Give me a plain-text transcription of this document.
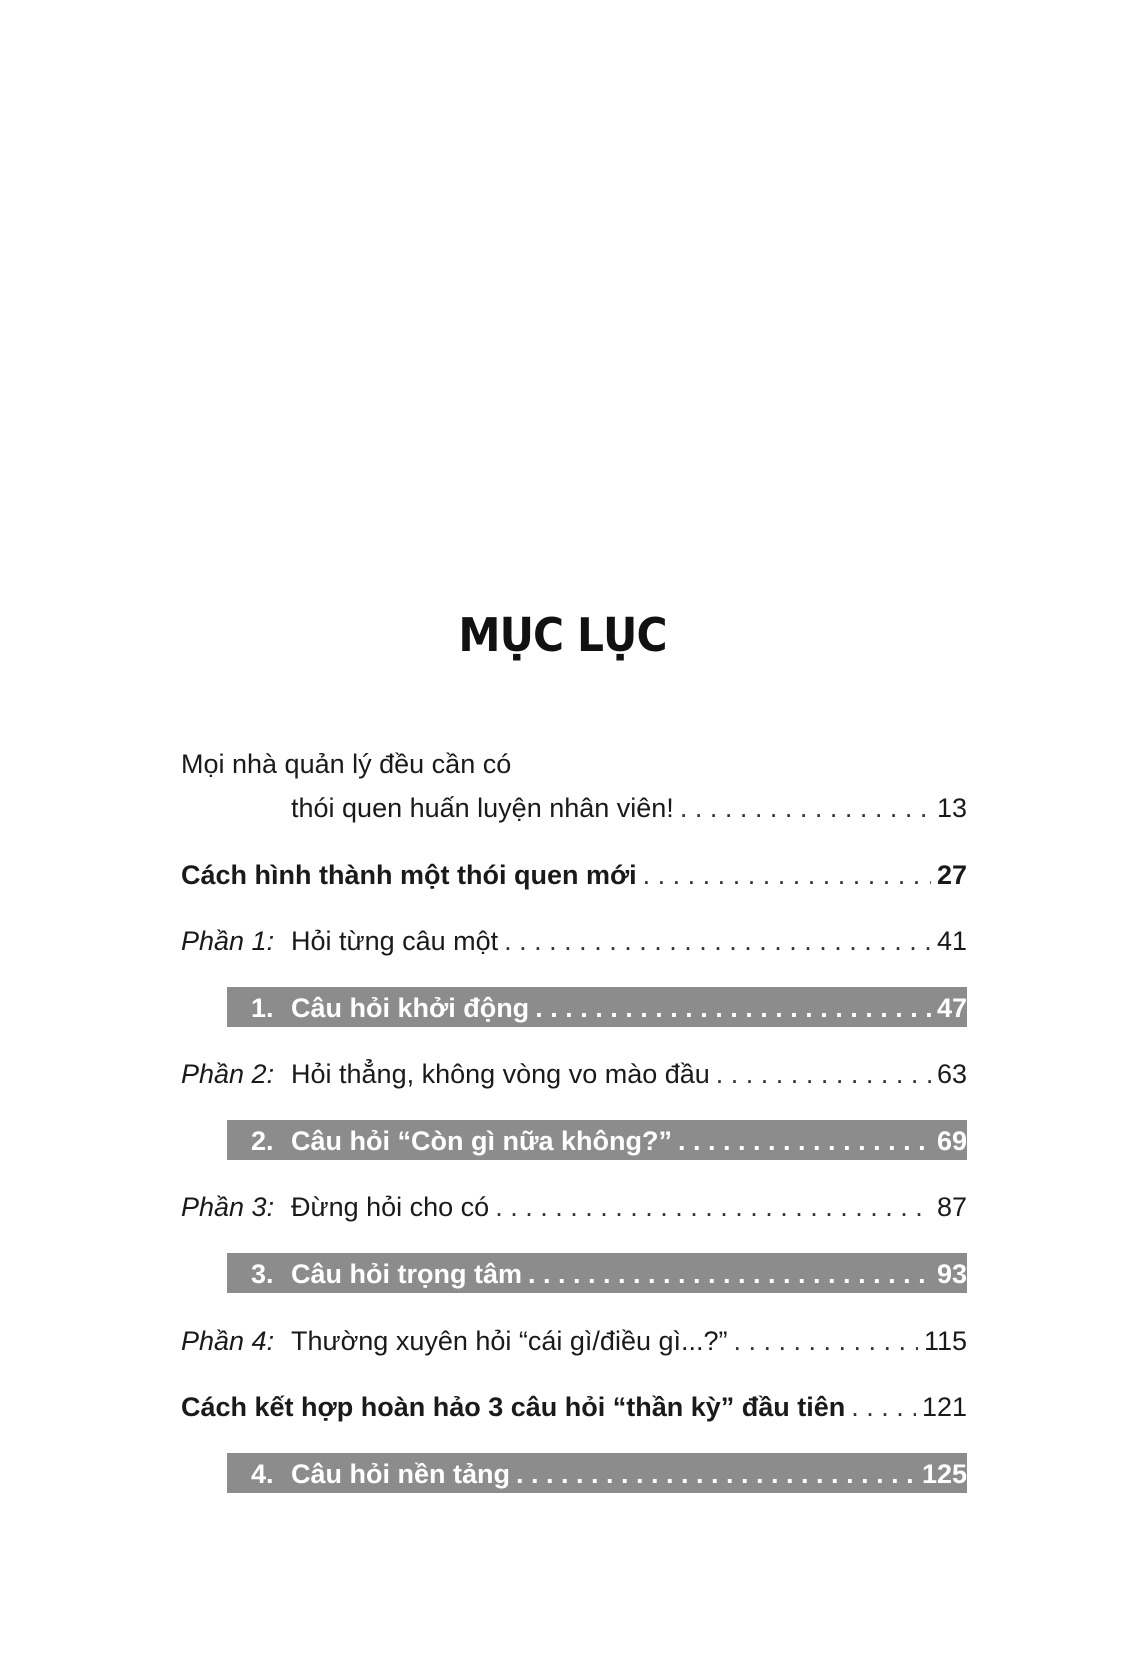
MỤC LỤC
Mọi nhà quản lý đều cần có
thói quen huấn luyện nhân viên! . . .	13
Cách hình thành một thói quen mới . . .	27
Phần 1: Hỏi từng câu một . . .	41
1. Câu hỏi khởi động . . .	47
Phần 2: Hỏi thẳng, không vòng vo mào đầu . . .	63
2. Câu hỏi “Còn gì nữa không?” . . .	69
Phần 3: Đừng hỏi cho có . . .	87
3. Câu hỏi trọng tâm . . .	93
Phần 4: Thường xuyên hỏi “cái gì/điều gì...?” . . .	115
Cách kết hợp hoàn hảo 3 câu hỏi “thần kỳ” đầu tiên . . .	121
4. Câu hỏi nền tảng . . .	125
